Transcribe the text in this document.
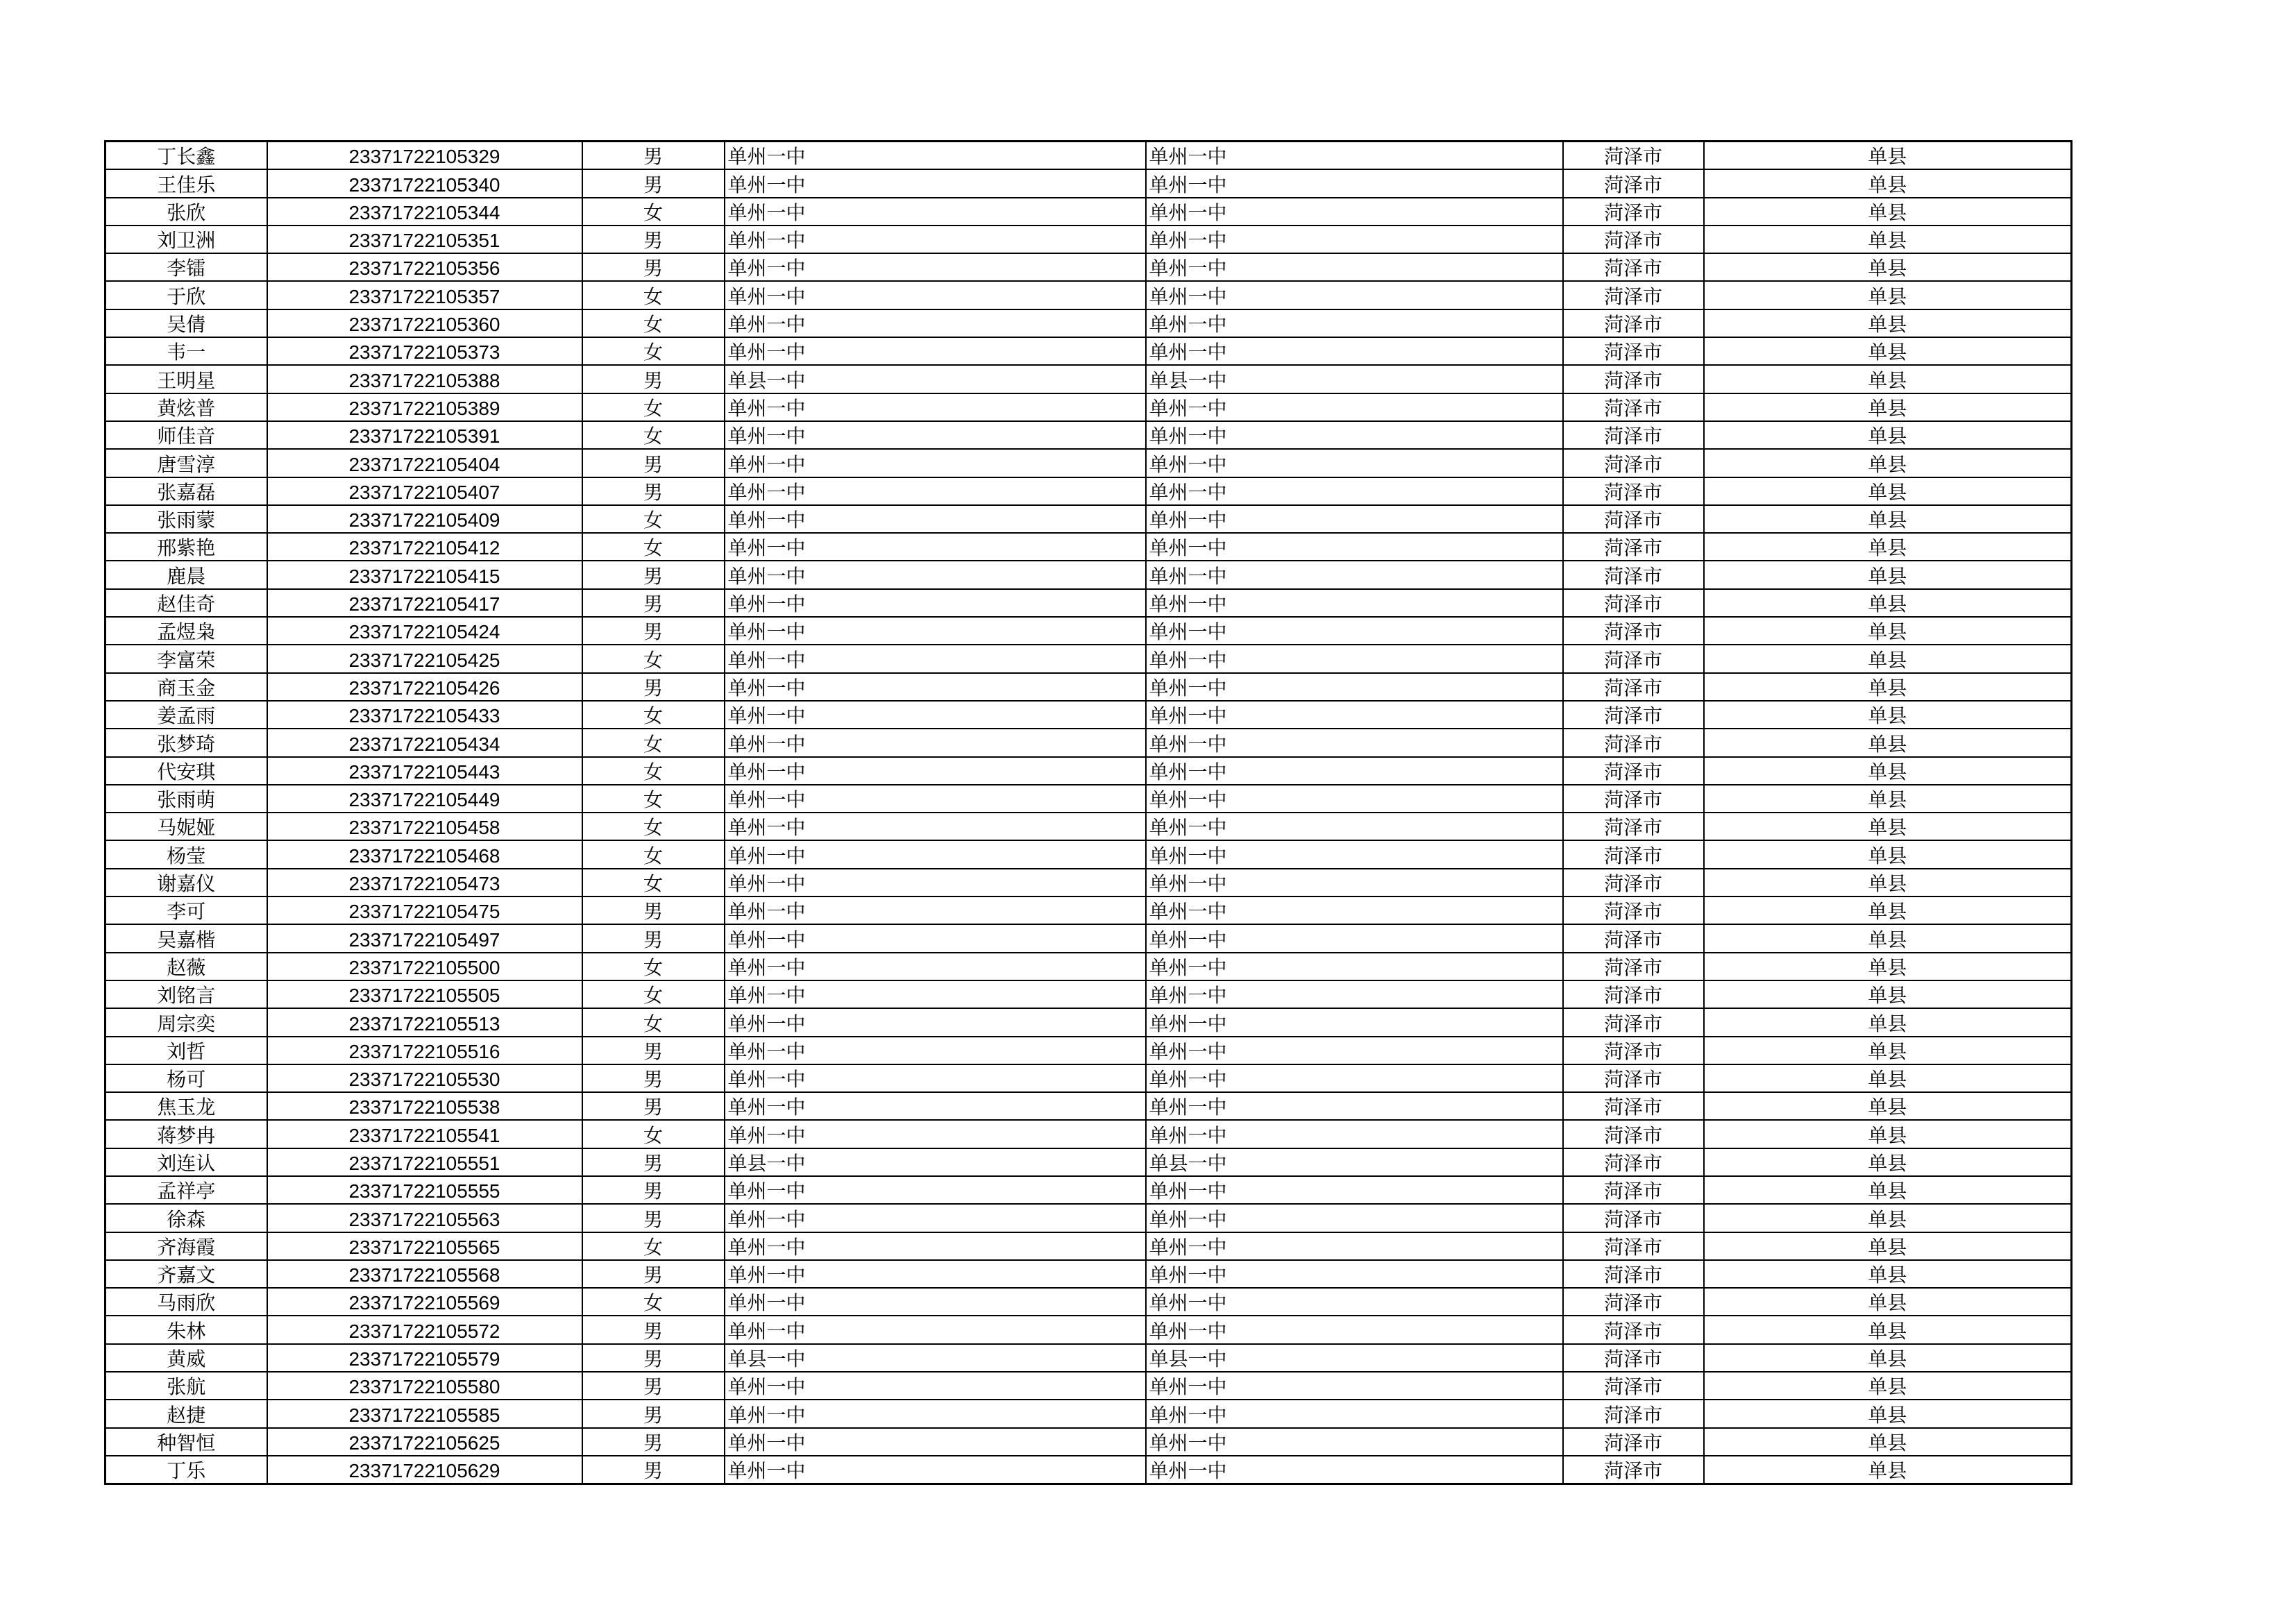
丁长鑫	23371722105329	男	单州一中	单州一中	菏泽市	单县
王佳乐	23371722105340	男	单州一中	单州一中	菏泽市	单县
张欣	23371722105344	女	单州一中	单州一中	菏泽市	单县
刘卫洲	23371722105351	男	单州一中	单州一中	菏泽市	单县
李镭	23371722105356	男	单州一中	单州一中	菏泽市	单县
于欣	23371722105357	女	单州一中	单州一中	菏泽市	单县
吴倩	23371722105360	女	单州一中	单州一中	菏泽市	单县
韦一	23371722105373	女	单州一中	单州一中	菏泽市	单县
王明星	23371722105388	男	单县一中	单县一中	菏泽市	单县
黄炫普	23371722105389	女	单州一中	单州一中	菏泽市	单县
师佳音	23371722105391	女	单州一中	单州一中	菏泽市	单县
唐雪淳	23371722105404	男	单州一中	单州一中	菏泽市	单县
张嘉磊	23371722105407	男	单州一中	单州一中	菏泽市	单县
张雨蒙	23371722105409	女	单州一中	单州一中	菏泽市	单县
邢紫艳	23371722105412	女	单州一中	单州一中	菏泽市	单县
鹿晨	23371722105415	男	单州一中	单州一中	菏泽市	单县
赵佳奇	23371722105417	男	单州一中	单州一中	菏泽市	单县
孟煜枭	23371722105424	男	单州一中	单州一中	菏泽市	单县
李富荣	23371722105425	女	单州一中	单州一中	菏泽市	单县
商玉金	23371722105426	男	单州一中	单州一中	菏泽市	单县
姜孟雨	23371722105433	女	单州一中	单州一中	菏泽市	单县
张梦琦	23371722105434	女	单州一中	单州一中	菏泽市	单县
代安琪	23371722105443	女	单州一中	单州一中	菏泽市	单县
张雨萌	23371722105449	女	单州一中	单州一中	菏泽市	单县
马妮娅	23371722105458	女	单州一中	单州一中	菏泽市	单县
杨莹	23371722105468	女	单州一中	单州一中	菏泽市	单县
谢嘉仪	23371722105473	女	单州一中	单州一中	菏泽市	单县
李可	23371722105475	男	单州一中	单州一中	菏泽市	单县
吴嘉楷	23371722105497	男	单州一中	单州一中	菏泽市	单县
赵薇	23371722105500	女	单州一中	单州一中	菏泽市	单县
刘铭言	23371722105505	女	单州一中	单州一中	菏泽市	单县
周宗奕	23371722105513	女	单州一中	单州一中	菏泽市	单县
刘哲	23371722105516	男	单州一中	单州一中	菏泽市	单县
杨可	23371722105530	男	单州一中	单州一中	菏泽市	单县
焦玉龙	23371722105538	男	单州一中	单州一中	菏泽市	单县
蒋梦冉	23371722105541	女	单州一中	单州一中	菏泽市	单县
刘连认	23371722105551	男	单县一中	单县一中	菏泽市	单县
孟祥亭	23371722105555	男	单州一中	单州一中	菏泽市	单县
徐森	23371722105563	男	单州一中	单州一中	菏泽市	单县
齐海霞	23371722105565	女	单州一中	单州一中	菏泽市	单县
齐嘉文	23371722105568	男	单州一中	单州一中	菏泽市	单县
马雨欣	23371722105569	女	单州一中	单州一中	菏泽市	单县
朱林	23371722105572	男	单州一中	单州一中	菏泽市	单县
黄威	23371722105579	男	单县一中	单县一中	菏泽市	单县
张航	23371722105580	男	单州一中	单州一中	菏泽市	单县
赵捷	23371722105585	男	单州一中	单州一中	菏泽市	单县
种智恒	23371722105625	男	单州一中	单州一中	菏泽市	单县
丁乐	23371722105629	男	单州一中	单州一中	菏泽市	单县
